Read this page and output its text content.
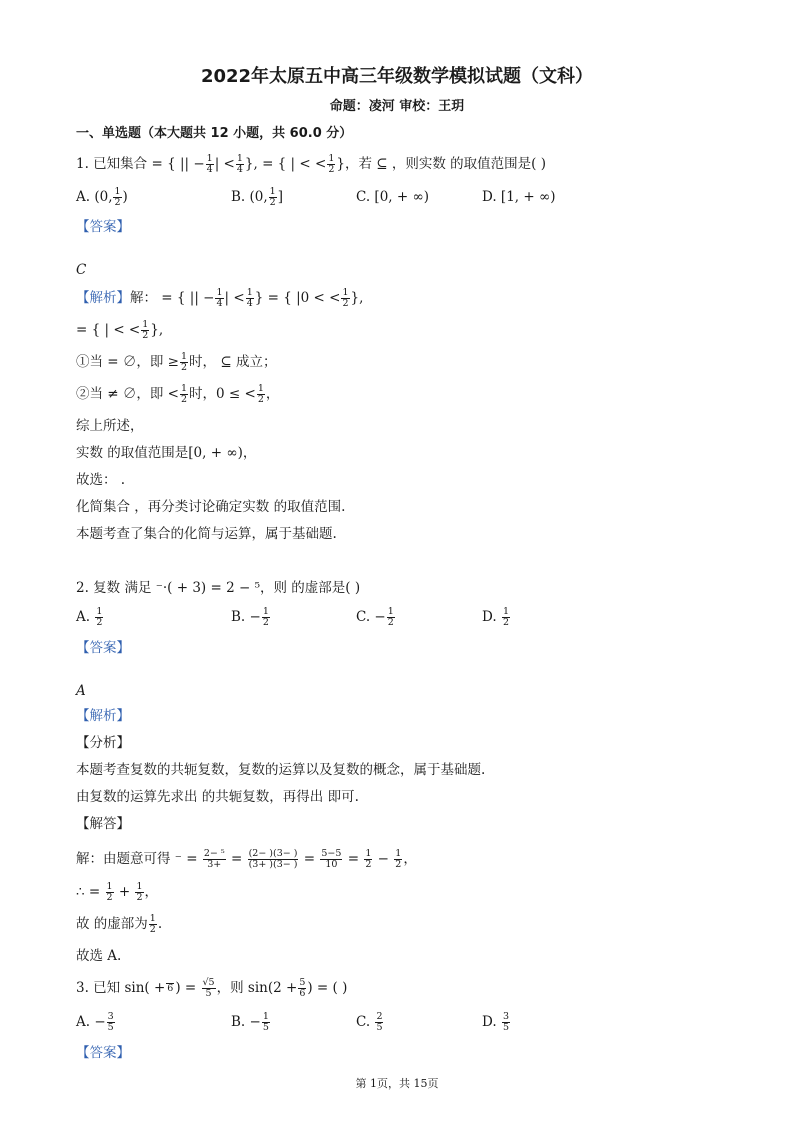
2022年太原五中高三年级数学模拟试题（文科）
命题：凌河 审校：王玥
一、单选题（本大题共 12 小题，共 60.0 分）
1. 已知集合 = { || − $\frac{1}{4}$ | < $\frac{1}{4}$ }, = { | < < $\frac{1}{2}$ }，若 ⊆ ，则实数 的取值范围是( )
A. (0, $\frac{1}{2}$ )	B. (0, $\frac{1}{2}$ ]	C. [0, + ∞)	D. [1, + ∞)
【答案】
C
【解析】解： = { || − $\frac{1}{4}$ | < $\frac{1}{4}$ } = { |0 < < $\frac{1}{2}$ },
= { | < < $\frac{1}{2}$ },
①当 = ∅，即 ≥ $\frac{1}{2}$ 时， ⊆ 成立；
②当 ≠ ∅，即 < $\frac{1}{2}$ 时，0 ≤ < $\frac{1}{2}$ ，
综上所述，
实数 的取值范围是[0, + ∞)，
故选： .
化简集合 ，再分类讨论确定实数 的取值范围.
本题考查了集合的化简与运算，属于基础题.
2. 复数 满足 ⁻·( + 3) = 2 − ⁵，则 的虚部是( )
A. $\frac{1}{2}$	B. − $\frac{1}{2}$	C. − $\frac{1}{2}$	D. $\frac{1}{2}$
【答案】
A
【解析】
【分析】
本题考查复数的共轭复数，复数的运算以及复数的概念，属于基础题.
由复数的运算先求出 的共轭复数，再得出 即可.
【解答】
解：由题意可得 ⁻ = $\frac{\text{2− ⁵}}{3+} = \frac{(2- )(3- )}{(3+ )(3- )} = \frac{5-5}{10} = \frac{1}{2} - \frac{1}{2}$ ，
∴ = $\frac{1}{2} + \frac{1}{2}$ ，
故 的虚部为 $\frac{1}{2}$ .
故选 A.
3. 已知 sin( + 6 ) = $\frac{√5}{5}$ ，则 $\sin(2 + \frac{5}{6}$ ) = ( )
A. − $\frac{3}{5}$	B. − $\frac{1}{5}$	C. $\frac{2}{5}$	D. $\frac{3}{5}$
【答案】
第 1页，共 15页
